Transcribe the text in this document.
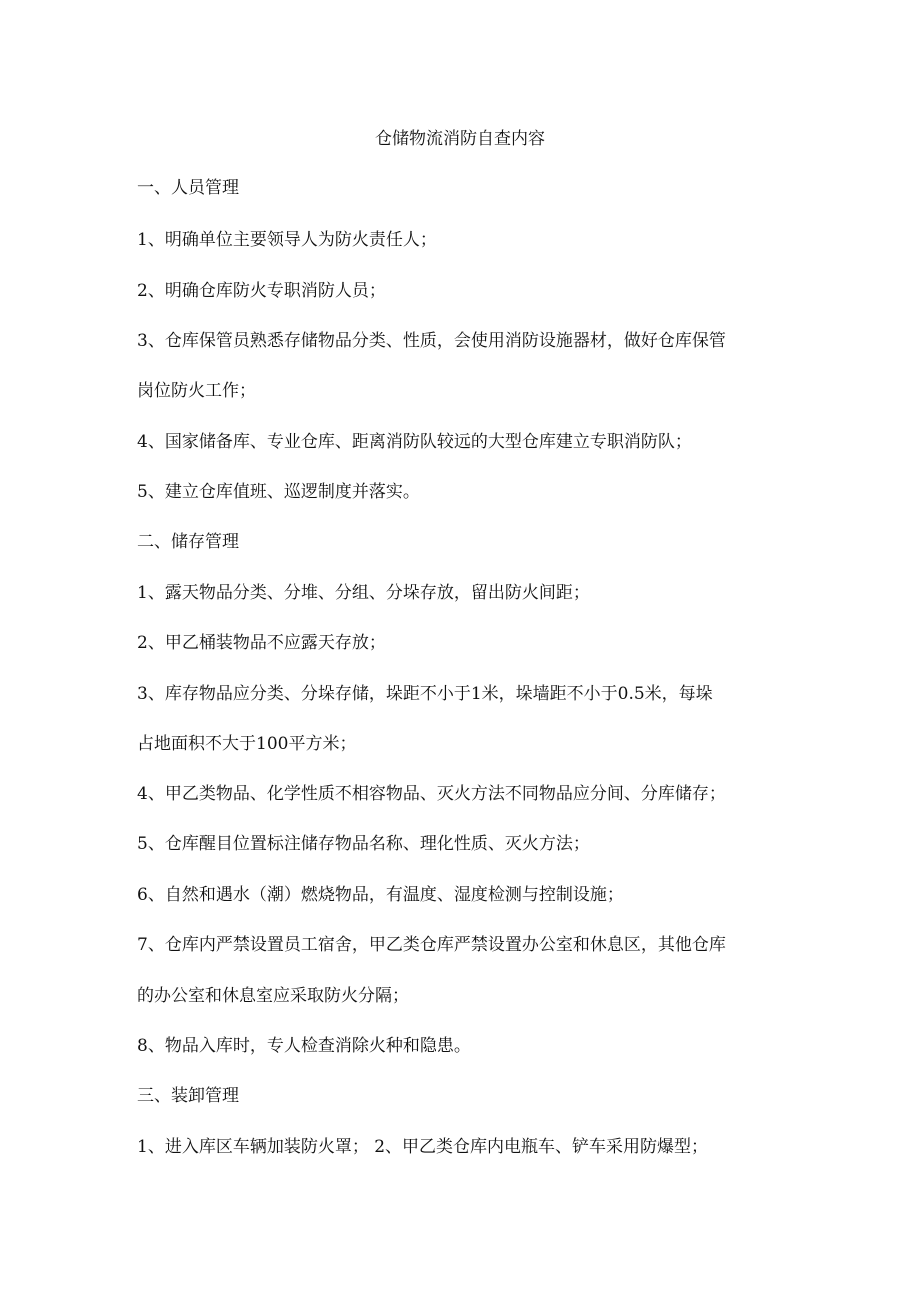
仓储物流消防自查内容
一、人员管理
1、明确单位主要领导人为防火责任人；
2、明确仓库防火专职消防人员；
3、仓库保管员熟悉存储物品分类、性质，会使用消防设施器材，做好仓库保管
岗位防火工作；
4、国家储备库、专业仓库、距离消防队较远的大型仓库建立专职消防队；
5、建立仓库值班、巡逻制度并落实。
二、储存管理
1、露天物品分类、分堆、分组、分垛存放，留出防火间距；
2、甲乙桶装物品不应露天存放；
3、库存物品应分类、分垛存储，垛距不小于1米，垛墙距不小于0.5米，每垛
占地面积不大于100平方米；
4、甲乙类物品、化学性质不相容物品、灭火方法不同物品应分间、分库储存；
5、仓库醒目位置标注储存物品名称、理化性质、灭火方法；
6、自然和遇水（潮）燃烧物品，有温度、湿度检测与控制设施；
7、仓库内严禁设置员工宿舍，甲乙类仓库严禁设置办公室和休息区，其他仓库
的办公室和休息室应采取防火分隔；
8、物品入库时，专人检查消除火种和隐患。
三、装卸管理
1、进入库区车辆加装防火罩； 2、甲乙类仓库内电瓶车、铲车采用防爆型；
